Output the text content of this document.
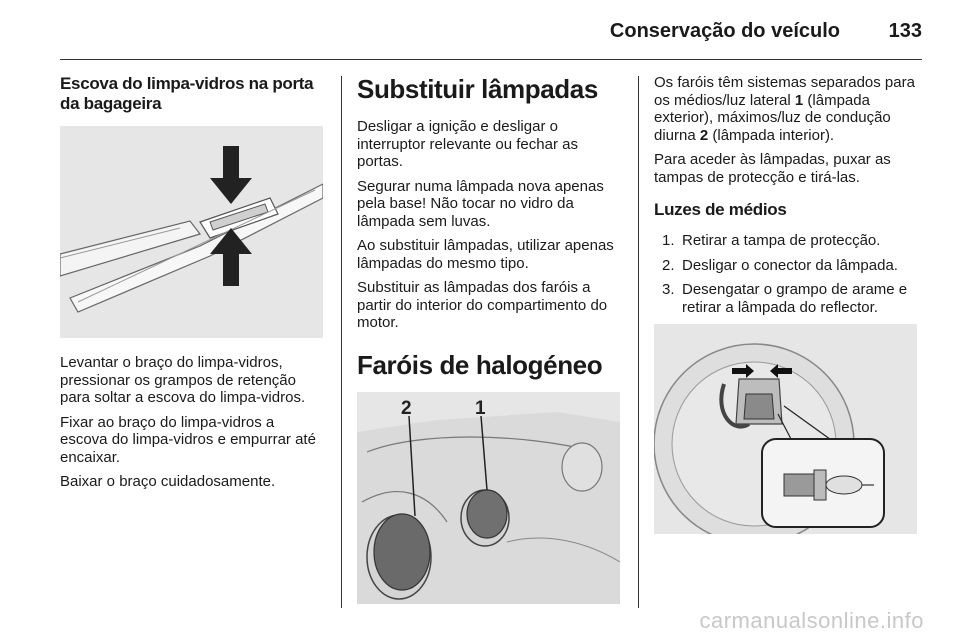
Conservação do veículo 133
Escova do limpa-vidros na porta da bagageira

Levantar o braço do limpa-vidros, pressionar os grampos de retenção para soltar a escova do limpa-vidros.

Fixar ao braço do limpa-vidros a escova do limpa-vidros e empurrar até encaixar.

Baixar o braço cuidadosamente.

Substituir lâmpadas

Desligar a ignição e desligar o interruptor relevante ou fechar as portas.

Segurar numa lâmpada nova apenas pela base! Não tocar no vidro da lâmpada sem luvas.

Ao substituir lâmpadas, utilizar apenas lâmpadas do mesmo tipo.

Substituir as lâmpadas dos faróis a partir do interior do compartimento do motor.

Faróis de halogéneo
2	1

Os faróis têm sistemas separados para os médios/luz lateral 1 (lâmpada exterior), máximos/luz de condução diurna 2 (lâmpada interior).

Para aceder às lâmpadas, puxar as tampas de protecção e tirá-las.

Luzes de médios
1. Retirar a tampa de protecção.
2. Desligar o conector da lâmpada.
3. Desengatar o grampo de arame e retirar a lâmpada do reflector.
carmanualsonline.info
